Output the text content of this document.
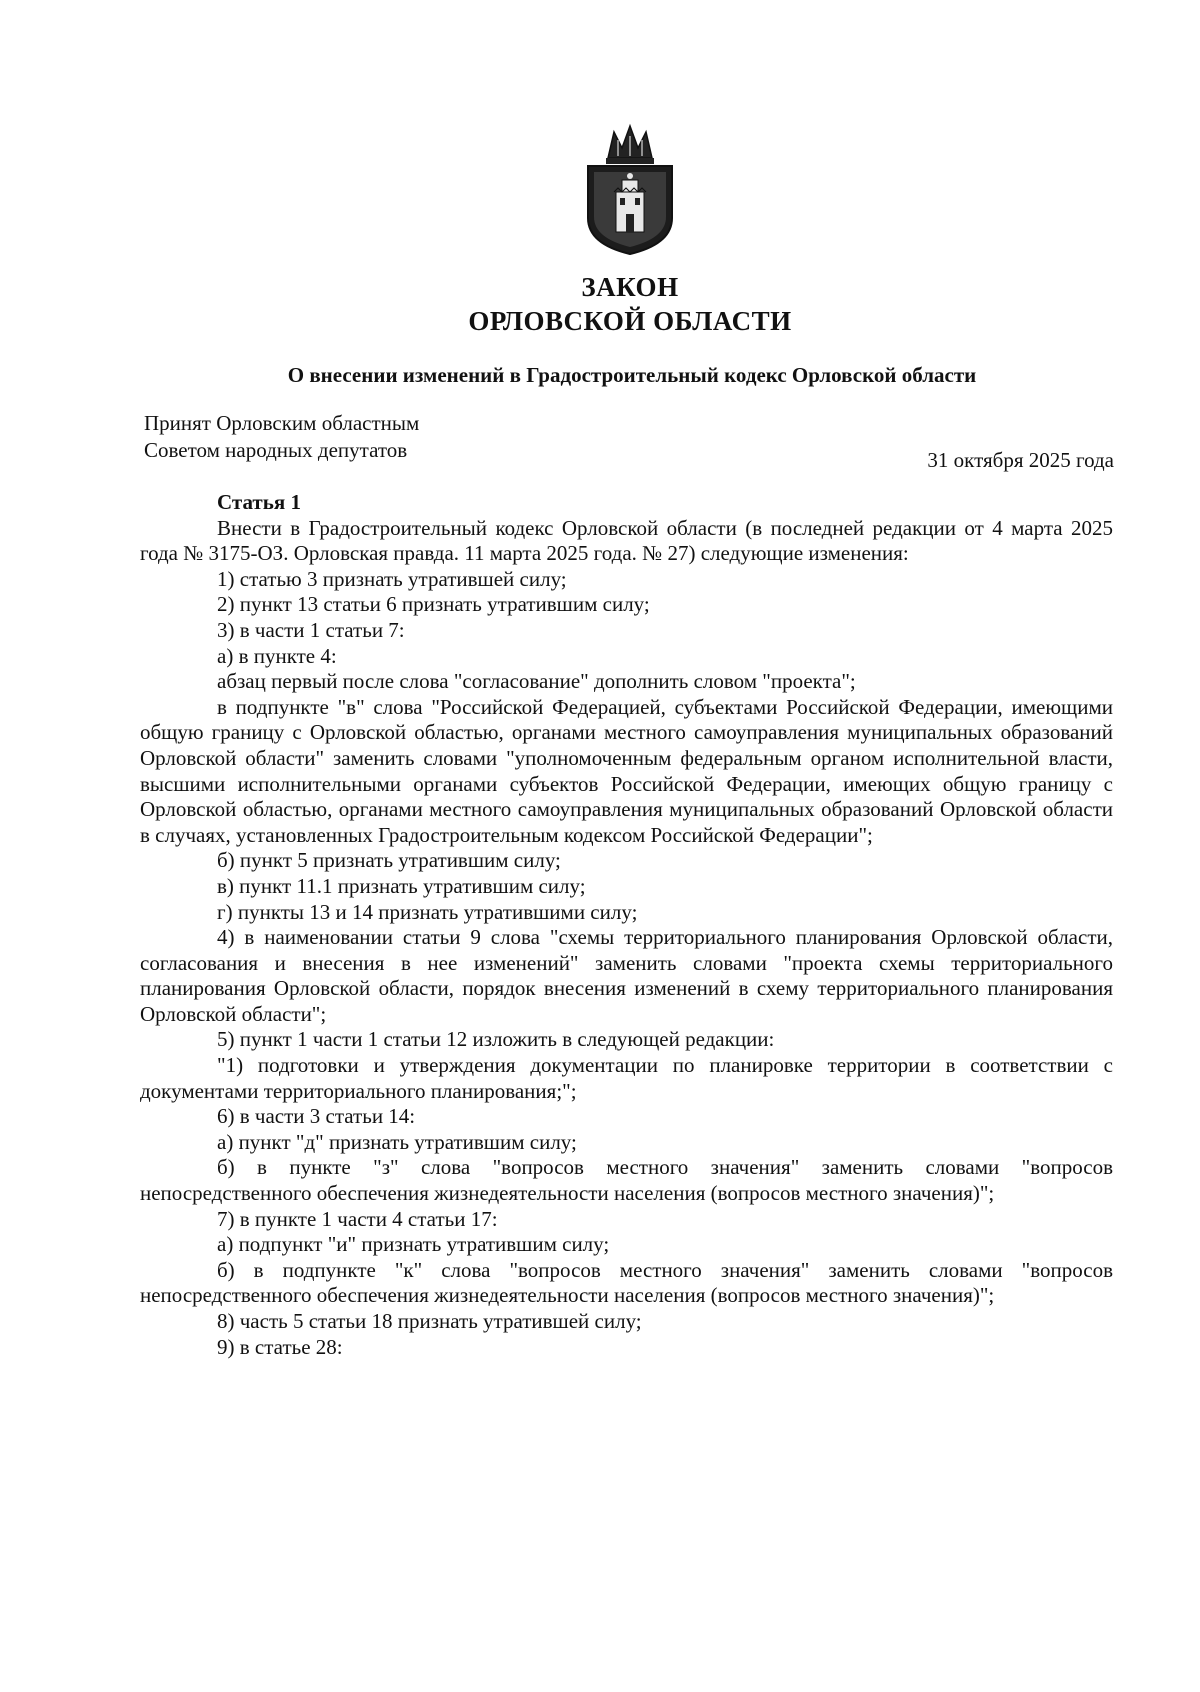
ЗАКОН
ОРЛОВСКОЙ ОБЛАСТИ
О внесении изменений в Градостроительный кодекс Орловской области
Принят Орловским областным
Советом народных депутатов	31 октября 2025 года

Статья 1

Внести в Градостроительный кодекс Орловской области (в последней редакции от 4 марта 2025 года № 3175-ОЗ. Орловская правда. 11 марта 2025 года. № 27) следующие изменения:

1) статью 3 признать утратившей силу;

2) пункт 13 статьи 6 признать утратившим силу;

3) в части 1 статьи 7:

а) в пункте 4:

абзац первый после слова "согласование" дополнить словом "проекта";

в подпункте "в" слова "Российской Федерацией, субъектами Российской Федерации, имеющими общую границу с Орловской областью, органами местного самоуправления муниципальных образований Орловской области" заменить словами "уполномоченным федеральным органом исполнительной власти, высшими исполнительными органами субъектов Российской Федерации, имеющих общую границу с Орловской областью, органами местного самоуправления муниципальных образований Орловской области в случаях, установленных Градостроительным кодексом Российской Федерации";

б) пункт 5 признать утратившим силу;

в) пункт 11.1 признать утратившим силу;

г) пункты 13 и 14 признать утратившими силу;

4) в наименовании статьи 9 слова "схемы территориального планирования Орловской области, согласования и внесения в нее изменений" заменить словами "проекта схемы территориального планирования Орловской области, порядок внесения изменений в схему территориального планирования Орловской области";

5) пункт 1 части 1 статьи 12 изложить в следующей редакции:

"1) подготовки и утверждения документации по планировке территории в соответствии с документами территориального планирования;";

6) в части 3 статьи 14:

а) пункт "д" признать утратившим силу;

б) в пункте "з" слова "вопросов местного значения" заменить словами "вопросов непосредственного обеспечения жизнедеятельности населения (вопросов местного значения)";

7) в пункте 1 части 4 статьи 17:

а) подпункт "и" признать утратившим силу;

б) в подпункте "к" слова "вопросов местного значения" заменить словами "вопросов непосредственного обеспечения жизнедеятельности населения (вопросов местного значения)";

8) часть 5 статьи 18 признать утратившей силу;

9) в статье 28:
